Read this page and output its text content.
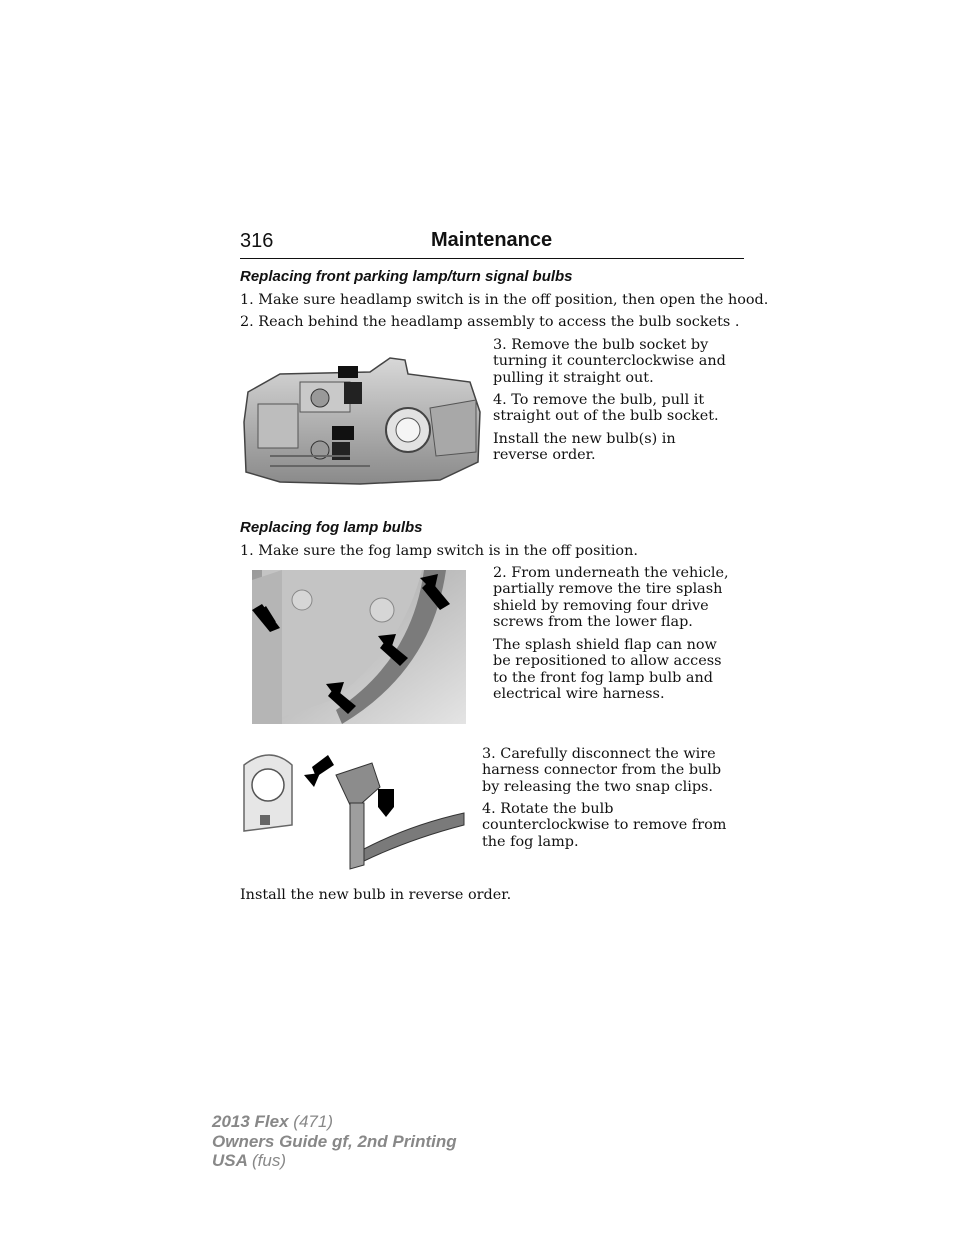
316	Maintenance
Replacing front parking lamp/turn signal bulbs
1. Make sure headlamp switch is in the off position, then open the hood.
2. Reach behind the headlamp assembly to access the bulb sockets .
3. Remove the bulb socket by turning it counterclockwise and pulling it straight out.
4. To remove the bulb, pull it straight out of the bulb socket.
Install the new bulb(s) in reverse order.
Replacing fog lamp bulbs
1. Make sure the fog lamp switch is in the off position.
2. From underneath the vehicle, partially remove the tire splash shield by removing four drive screws from the lower flap.
The splash shield flap can now be repositioned to allow access to the front fog lamp bulb and electrical wire harness.
3. Carefully disconnect the wire harness connector from the bulb by releasing the two snap clips.
4. Rotate the bulb counterclockwise to remove from the fog lamp.
Install the new bulb in reverse order.
2013 Flex (471)
Owners Guide gf, 2nd Printing
USA (fus)
